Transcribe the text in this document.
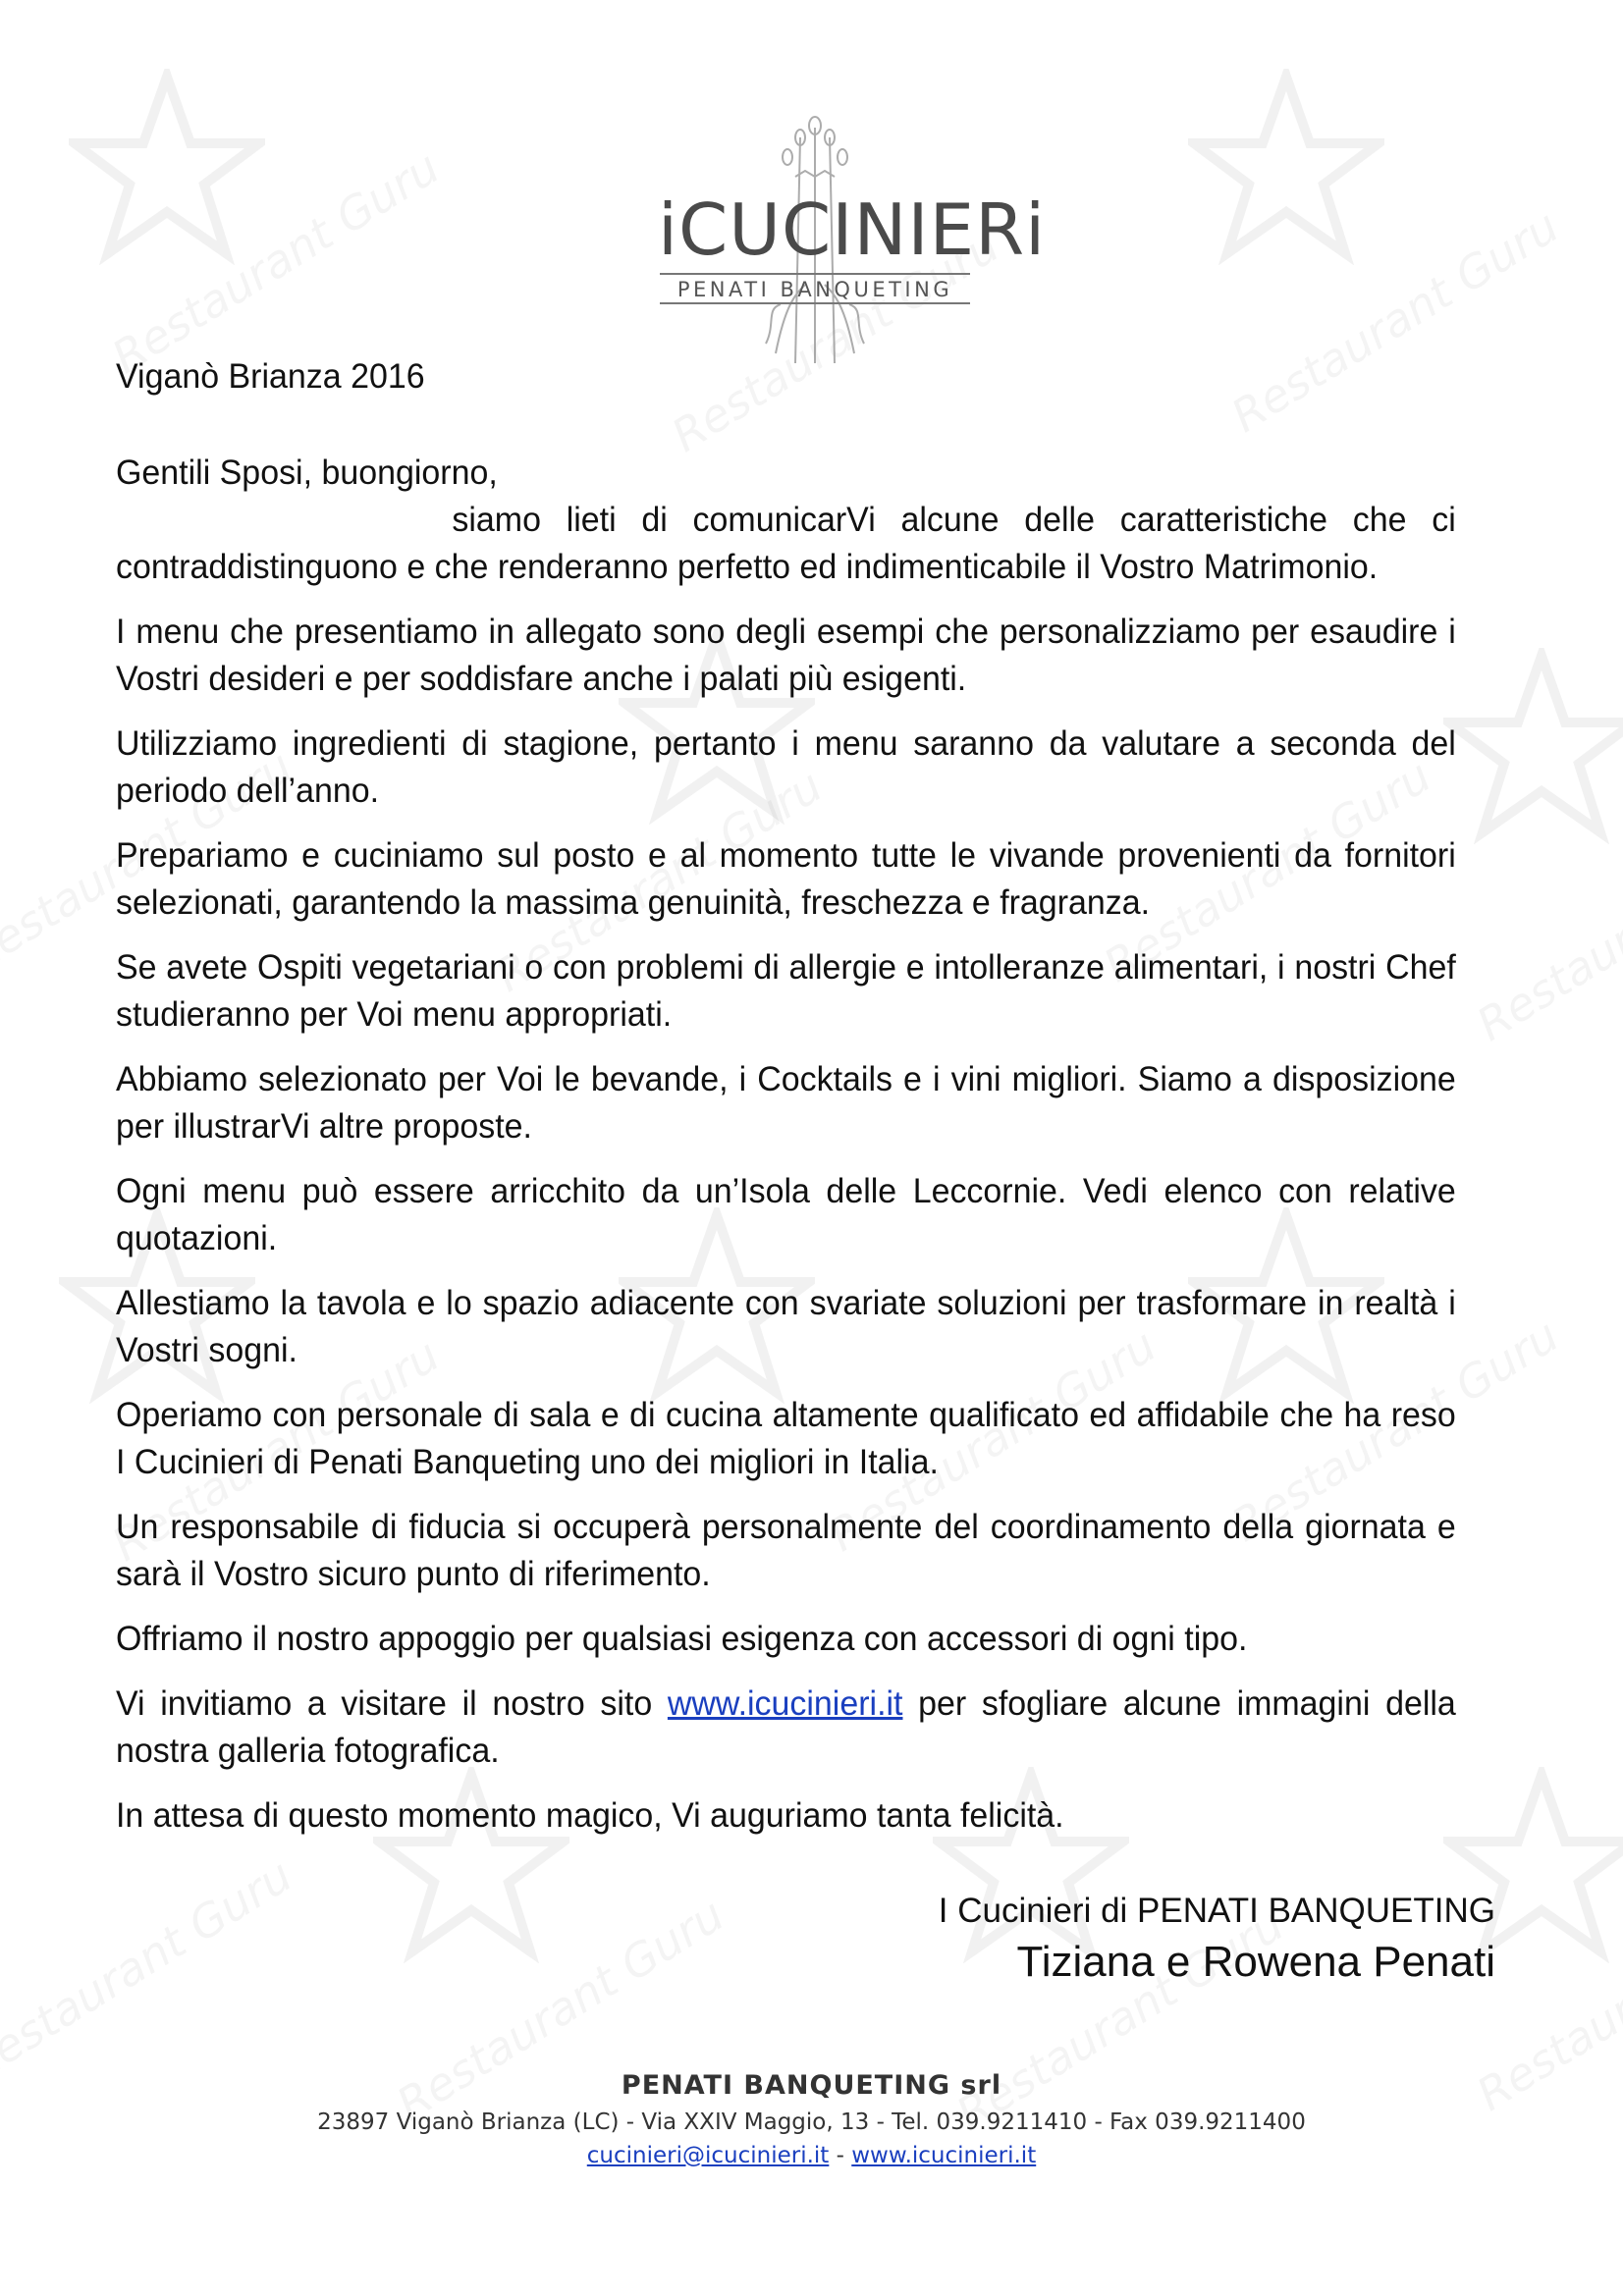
iCUCINIERi
PENATI BANQUETING

Viganò Brianza 2016

Gentili Sposi, buongiorno,

siamo lieti di comunicarVi alcune delle caratteristiche che ci contraddistinguono e che renderanno perfetto ed indimenticabile il Vostro Matrimonio.

I menu che presentiamo in allegato sono degli esempi che personalizziamo per esaudire i Vostri desideri e per soddisfare anche i palati più esigenti.

Utilizziamo ingredienti di stagione, pertanto i menu saranno da valutare a seconda del periodo dell’anno.

Prepariamo e cuciniamo sul posto e al momento tutte le vivande provenienti da fornitori selezionati, garantendo la massima genuinità, freschezza e fragranza.

Se avete Ospiti vegetariani o con problemi di allergie e intolleranze alimentari, i nostri Chef studieranno per Voi menu appropriati.

Abbiamo selezionato per Voi le bevande, i Cocktails e i vini migliori. Siamo a disposizione per illustrarVi altre proposte.

Ogni menu può essere arricchito da un’Isola delle Leccornie. Vedi elenco con relative quotazioni.

Allestiamo la tavola e lo spazio adiacente con svariate soluzioni per trasformare in realtà i Vostri sogni.

Operiamo con personale di sala e di cucina altamente qualificato ed affidabile che ha reso I Cucinieri di Penati Banqueting uno dei migliori in Italia.

Un responsabile di fiducia si occuperà personalmente del coordinamento della giornata e sarà il Vostro sicuro punto di riferimento.

Offriamo il nostro appoggio per qualsiasi esigenza con accessori di ogni tipo.

Vi invitiamo a visitare il nostro sito www.icucinieri.it per sfogliare alcune immagini della nostra galleria fotografica.

In attesa di questo momento magico, Vi auguriamo tanta felicità.

I Cucinieri di PENATI BANQUETING
Tiziana e Rowena Penati
PENATI BANQUETING srl
23897 Viganò Brianza (LC) - Via XXIV Maggio, 13 - Tel. 039.9211410 - Fax 039.9211400
cucinieri@icucinieri.it - www.icucinieri.it
